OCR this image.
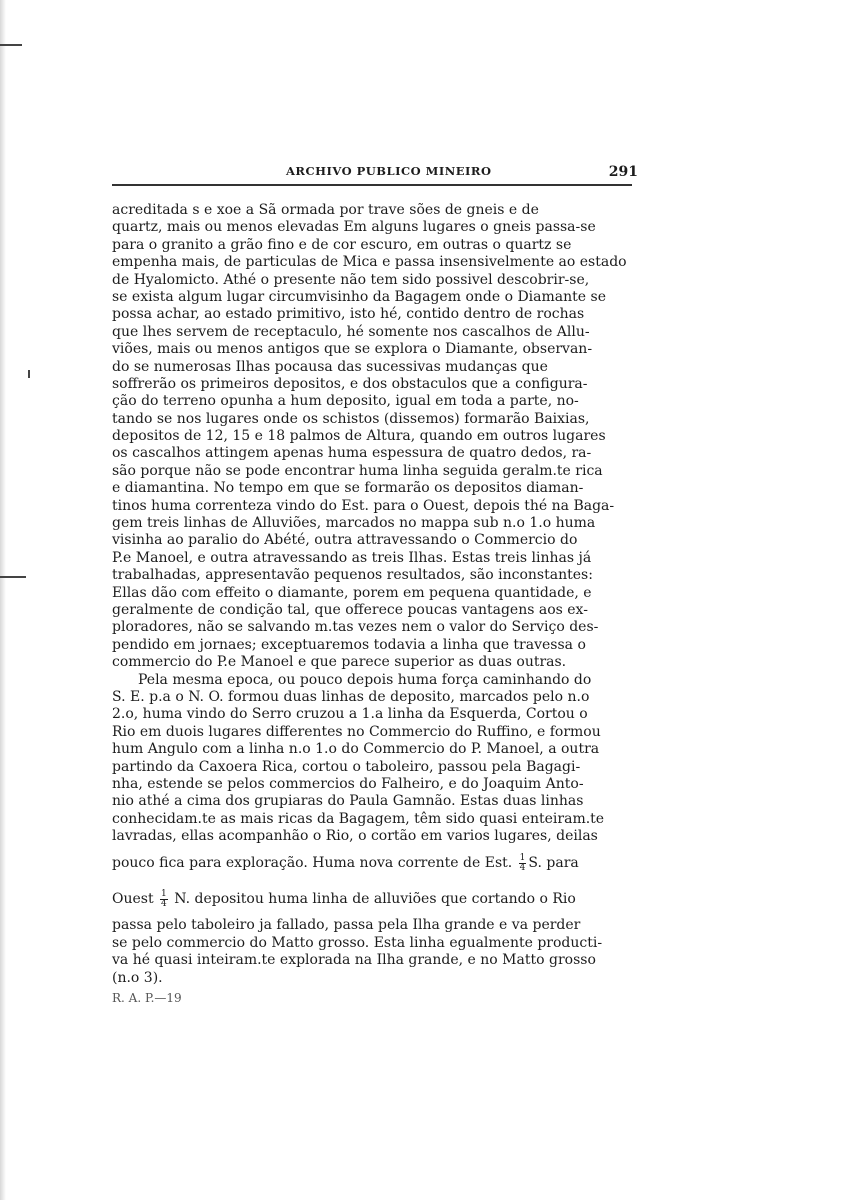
ARCHIVO PUBLICO MINEIRO	291
acreditada s e xoe a Sã ormada por trave sões de gneis e de
quartz, mais ou menos elevadas Em alguns lugares o gneis passa-se
para o granito a grão fino e de cor escuro, em outras o quartz se
empenha mais, de particulas de Mica e passa insensivelmente ao estado
de Hyalomicto. Athé o presente não tem sido possivel descobrir-se,
se exista algum lugar circumvisinho da Bagagem onde o Diamante se
possa achar, ao estado primitivo, isto hé, contido dentro de rochas
que lhes servem de receptaculo, hé somente nos cascalhos de Allu-
viões, mais ou menos antigos que se explora o Diamante, observan-
do se numerosas Ilhas pocausa das sucessivas mudanças que
soffrerão os primeiros depositos, e dos obstaculos que a configura-
ção do terreno opunha a hum deposito, igual em toda a parte, no-
tando se nos lugares onde os schistos (dissemos) formarão Baixias,
depositos de 12, 15 e 18 palmos de Altura, quando em outros lugares
os cascalhos attingem apenas huma espessura de quatro dedos, ra-
são porque não se pode encontrar huma linha seguida geralm.te rica
e diamantina. No tempo em que se formarão os depositos diaman-
tinos huma correnteza vindo do Est. para o Ouest, depois thé na Baga-
gem treis linhas de Alluviões, marcados no mappa sub n.o 1.o huma
visinha ao paralio do Abété, outra attravessando o Commercio do
P.e Manoel, e outra atravessando as treis Ilhas. Estas treis linhas já
trabalhadas, appresentavão pequenos resultados, são inconstantes:
Ellas dão com effeito o diamante, porem em pequena quantidade, e
geralmente de condição tal, que offerece poucas vantagens aos ex-
ploradores, não se salvando m.tas vezes nem o valor do Serviço des-
pendido em jornaes; exceptuaremos todavia a linha que travessa o
commercio do P.e Manoel e que parece superior as duas outras.
Pela mesma epoca, ou pouco depois huma força caminhando do
S. E. p.a o N. O. formou duas linhas de deposito, marcados pelo n.o
2.o, huma vindo do Serro cruzou a 1.a linha da Esquerda, Cortou o
Rio em duois lugares differentes no Commercio do Ruffino, e formou
hum Angulo com a linha n.o 1.o do Commercio do P. Manoel, a outra
partindo da Caxoera Rica, cortou o taboleiro, passou pela Bagagi-
nha, estende se pelos commercios do Falheiro, e do Joaquim Anto-
nio athé a cima dos grupiaras do Paula Gamnão. Estas duas linhas
conhecidam.te as mais ricas da Bagagem, têm sido quasi enteiram.te
lavradas, ellas acompanhão o Rio, o cortão em varios lugares, deilas
pouco fica para exploração. Huma nova corrente de Est. $\frac{1}{4} S$. para
Ouest $\frac{1}{4} N$. depositou huma linha de alluviões que cortando o Rio
passa pelo taboleiro ja fallado, passa pela Ilha grande e va perder
se pelo commercio do Matto grosso. Esta linha egualmente producti-
va hé quasi inteiram.te explorada na Ilha grande, e no Matto grosso
(n.o 3).
R. A. P.—19
